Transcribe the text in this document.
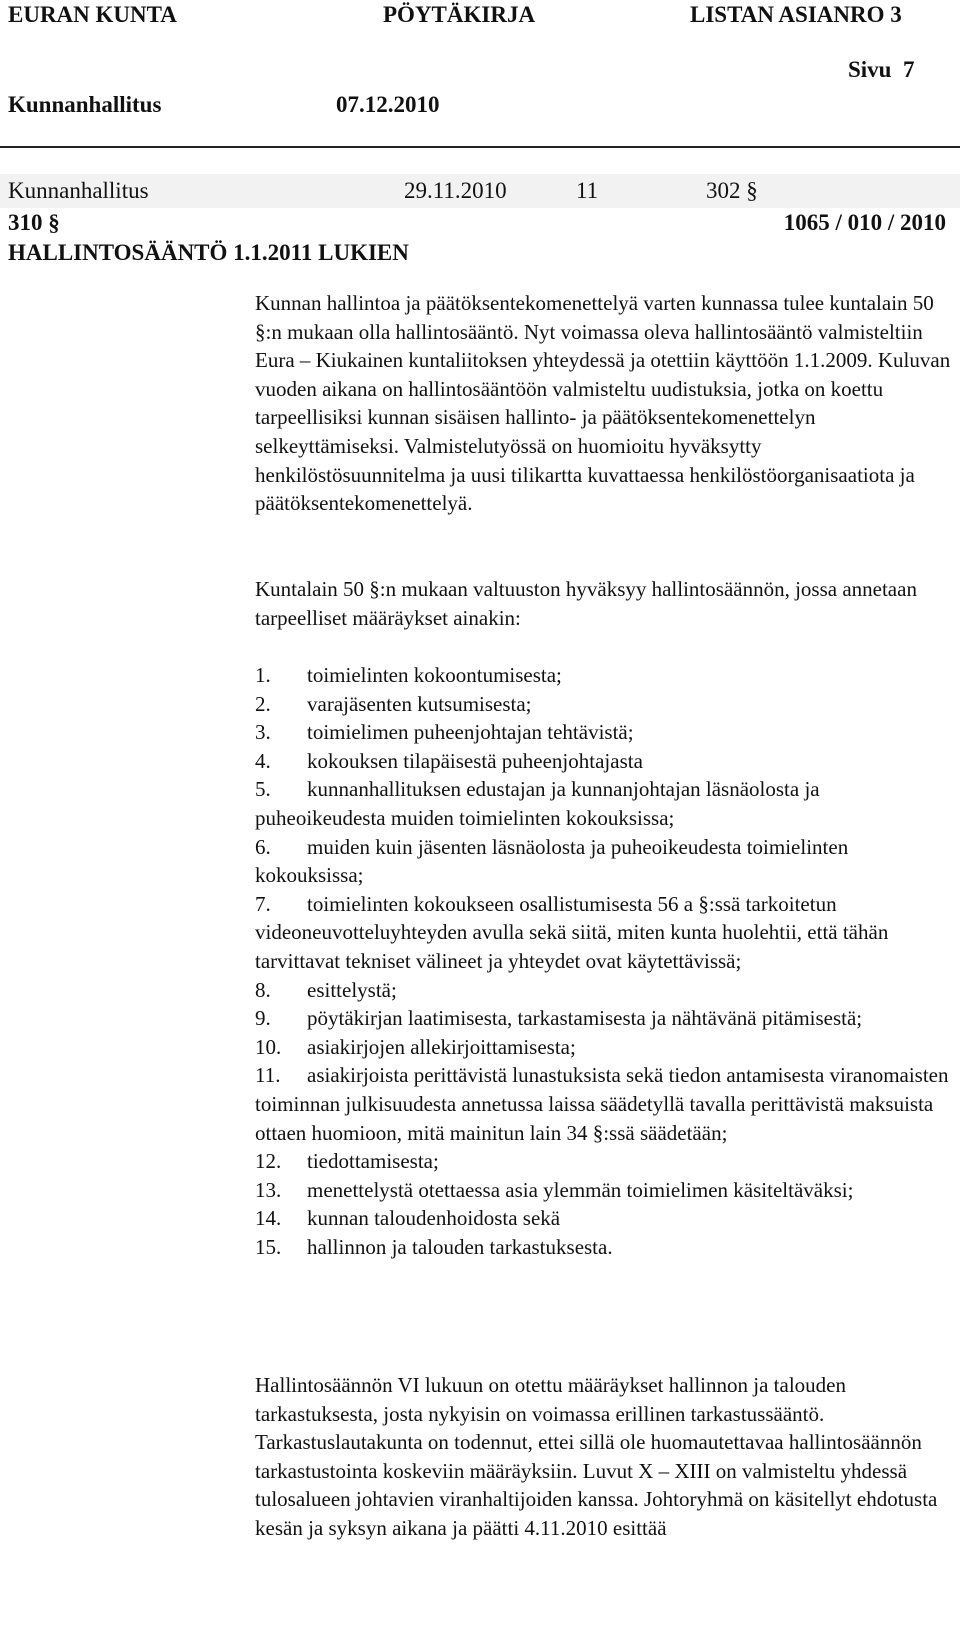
EURAN KUNTA	PÖYTÄKIRJA	LISTAN ASIANRO 3
Sivu  7
Kunnanhallitus	07.12.2010
Kunnanhallitus	29.11.2010	11	302 §
310 §	1065 / 010 / 2010
HALLINTOSÄÄNTÖ 1.1.2011 LUKIEN

Kunnan hallintoa ja päätöksentekomenettelyä varten kunnassa tulee kuntalain 50 §:n mukaan olla hallintosääntö. Nyt voimassa oleva hallintosääntö valmisteltiin Eura – Kiukainen kuntaliitoksen yhteydessä ja otettiin käyttöön 1.1.2009. Kuluvan vuoden aikana on hallintosääntöön valmisteltu uudistuksia, jotka on koettu tarpeellisiksi kunnan sisäisen hallinto- ja päätöksentekomenettelyn selkeyttämiseksi. Valmistelutyössä on huomioitu hyväksytty henkilöstösuunnitelma ja uusi tilikartta kuvattaessa henkilöstöorganisaatiota ja päätöksentekomenettelyä.

Kuntalain 50 §:n mukaan valtuuston hyväksyy hallintosäännön, jossa annetaan tarpeelliset määräykset ainakin:

1. toimielinten kokoontumisesta;
2. varajäsenten kutsumisesta;
3. toimielimen puheenjohtajan tehtävistä;
4. kokouksen tilapäisestä puheenjohtajasta
5. kunnanhallituksen edustajan ja kunnanjohtajan läsnäolosta ja puheoikeudesta muiden toimielinten kokouksissa;
6. muiden kuin jäsenten läsnäolosta ja puheoikeudesta toimielinten kokouksissa;
7. toimielinten kokoukseen osallistumisesta 56 a §:ssä tarkoitetun videoneuvotteluyhteyden avulla sekä siitä, miten kunta huolehtii, että tähän tarvittavat tekniset välineet ja yhteydet ovat käytettävissä;
8. esittelystä;
9. pöytäkirjan laatimisesta, tarkastamisesta ja nähtävänä pitämisestä;
10. asiakirjojen allekirjoittamisesta;
11. asiakirjoista perittävistä lunastuksista sekä tiedon antamisesta viranomaisten toiminnan julkisuudesta annetussa laissa säädetyllä tavalla perittävistä maksuista ottaen huomioon, mitä mainitun lain 34 §:ssä säädetään;
12. tiedottamisesta;
13. menettelystä otettaessa asia ylemmän toimielimen käsiteltäväksi;
14. kunnan taloudenhoidosta sekä
15. hallinnon ja talouden tarkastuksesta.

Hallintosäännön VI lukuun on otettu määräykset hallinnon ja talouden tarkastuksesta, josta nykyisin on voimassa erillinen tarkastussääntö. Tarkastuslautakunta on todennut, ettei sillä ole huomautettavaa hallintosäännön tarkastustointa koskeviin määräyksiin. Luvut X – XIII on valmisteltu yhdessä tulosalueen johtavien viranhaltijoiden kanssa. Johtoryhmä on käsitellyt ehdotusta kesän ja syksyn aikana ja päätti 4.11.2010 esittää
